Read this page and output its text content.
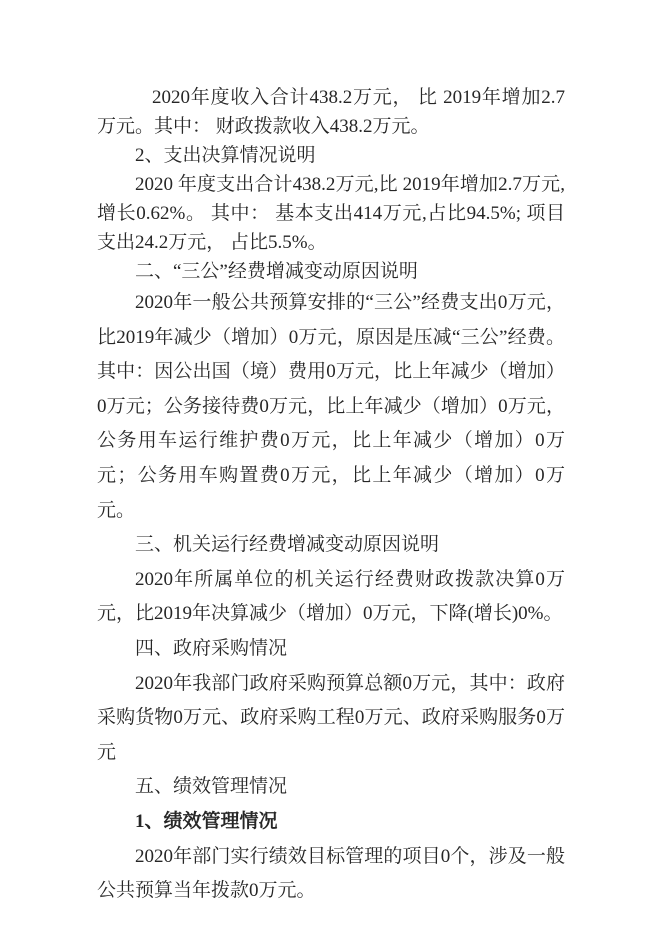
2020年度收入合计438.2万元， 比 2019年增加2.7万元。其中： 财政拨款收入438.2万元。

2、支出决算情况说明

2020 年度支出合计438.2万元,比 2019年增加2.7万元,增长0.62%。 其中： 基本支出414万元,占比94.5%; 项目支出24.2万元， 占比5.5%。

二、“三公”经费增减变动原因说明

2020年一般公共预算安排的“三公”经费支出0万元，比2019年减少（增加）0万元，原因是压减“三公”经费。其中：因公出国（境）费用0万元，比上年减少（增加）0万元；公务接待费0万元，比上年减少（增加）0万元，公务用车运行维护费0万元，比上年减少（增加）0万元；公务用车购置费0万元，比上年减少（增加）0万元。

三、机关运行经费增减变动原因说明

2020年所属单位的机关运行经费财政拨款决算0万元，比2019年决算减少（增加）0万元，下降(增长)0%。

四、政府采购情况

2020年我部门政府采购预算总额0万元，其中：政府采购货物0万元、政府采购工程0万元、政府采购服务0万元

五、绩效管理情况

1、绩效管理情况

2020年部门实行绩效目标管理的项目0个，涉及一般公共预算当年拨款0万元。
